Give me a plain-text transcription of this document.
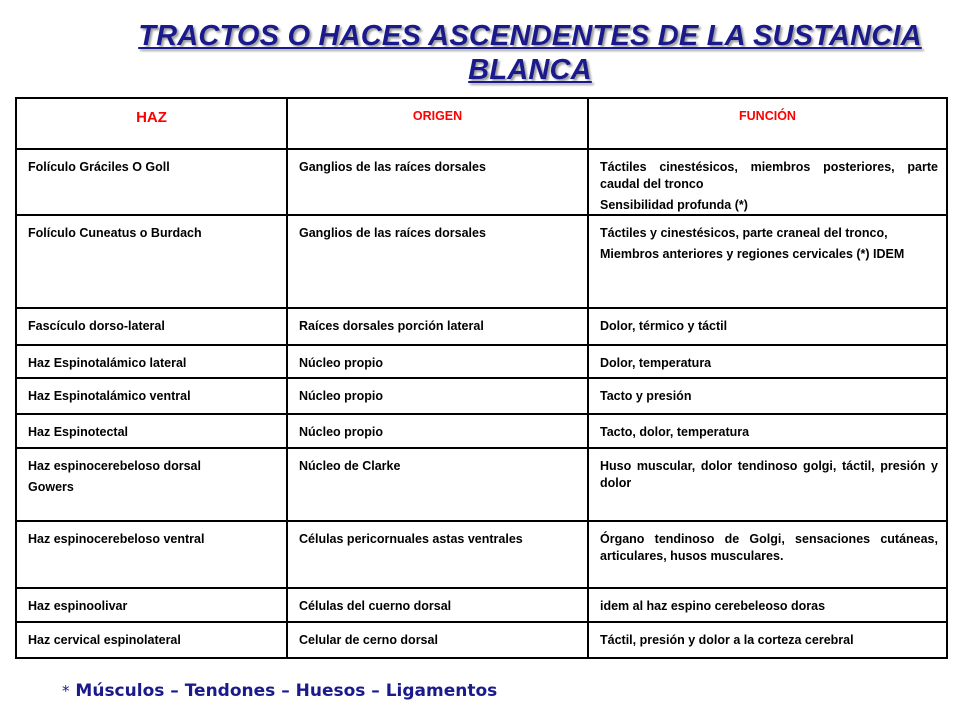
TRACTOS O HACES ASCENDENTES DE LA SUSTANCIA
BLANCA
HAZ	ORIGEN	FUNCIÓN

Folículo Gráciles O Goll	Ganglios de las raíces dorsales	Táctiles cinestésicos, miembros posteriores, parte caudal del tronco
Sensibilidad profunda (*)

Folículo Cuneatus o Burdach	Ganglios de las raíces dorsales	Táctiles y cinestésicos, parte craneal del tronco,
Miembros anteriores y regiones cervicales (*) IDEM

Fascículo dorso-lateral	Raíces dorsales porción lateral	Dolor, térmico y táctil

Haz Espinotalámico lateral	Núcleo propio	Dolor, temperatura

Haz Espinotalámico ventral	Núcleo propio	Tacto y presión

Haz Espinotectal	Núcleo propio	Tacto, dolor, temperatura

Haz espinocerebeloso dorsal
Gowers	Núcleo de Clarke	Huso muscular, dolor tendinoso golgi, táctil, presión y dolor

Haz espinocerebeloso ventral	Células pericornuales astas ventrales	Órgano tendinoso de Golgi, sensaciones cutáneas, articulares, husos musculares.

Haz espinoolivar	Células del cuerno dorsal	idem al haz espino cerebeleoso doras

Haz cervical espinolateral	Celular de cerno dorsal	Táctil, presión y dolor a la corteza cerebral
* Músculos – Tendones – Huesos – Ligamentos
